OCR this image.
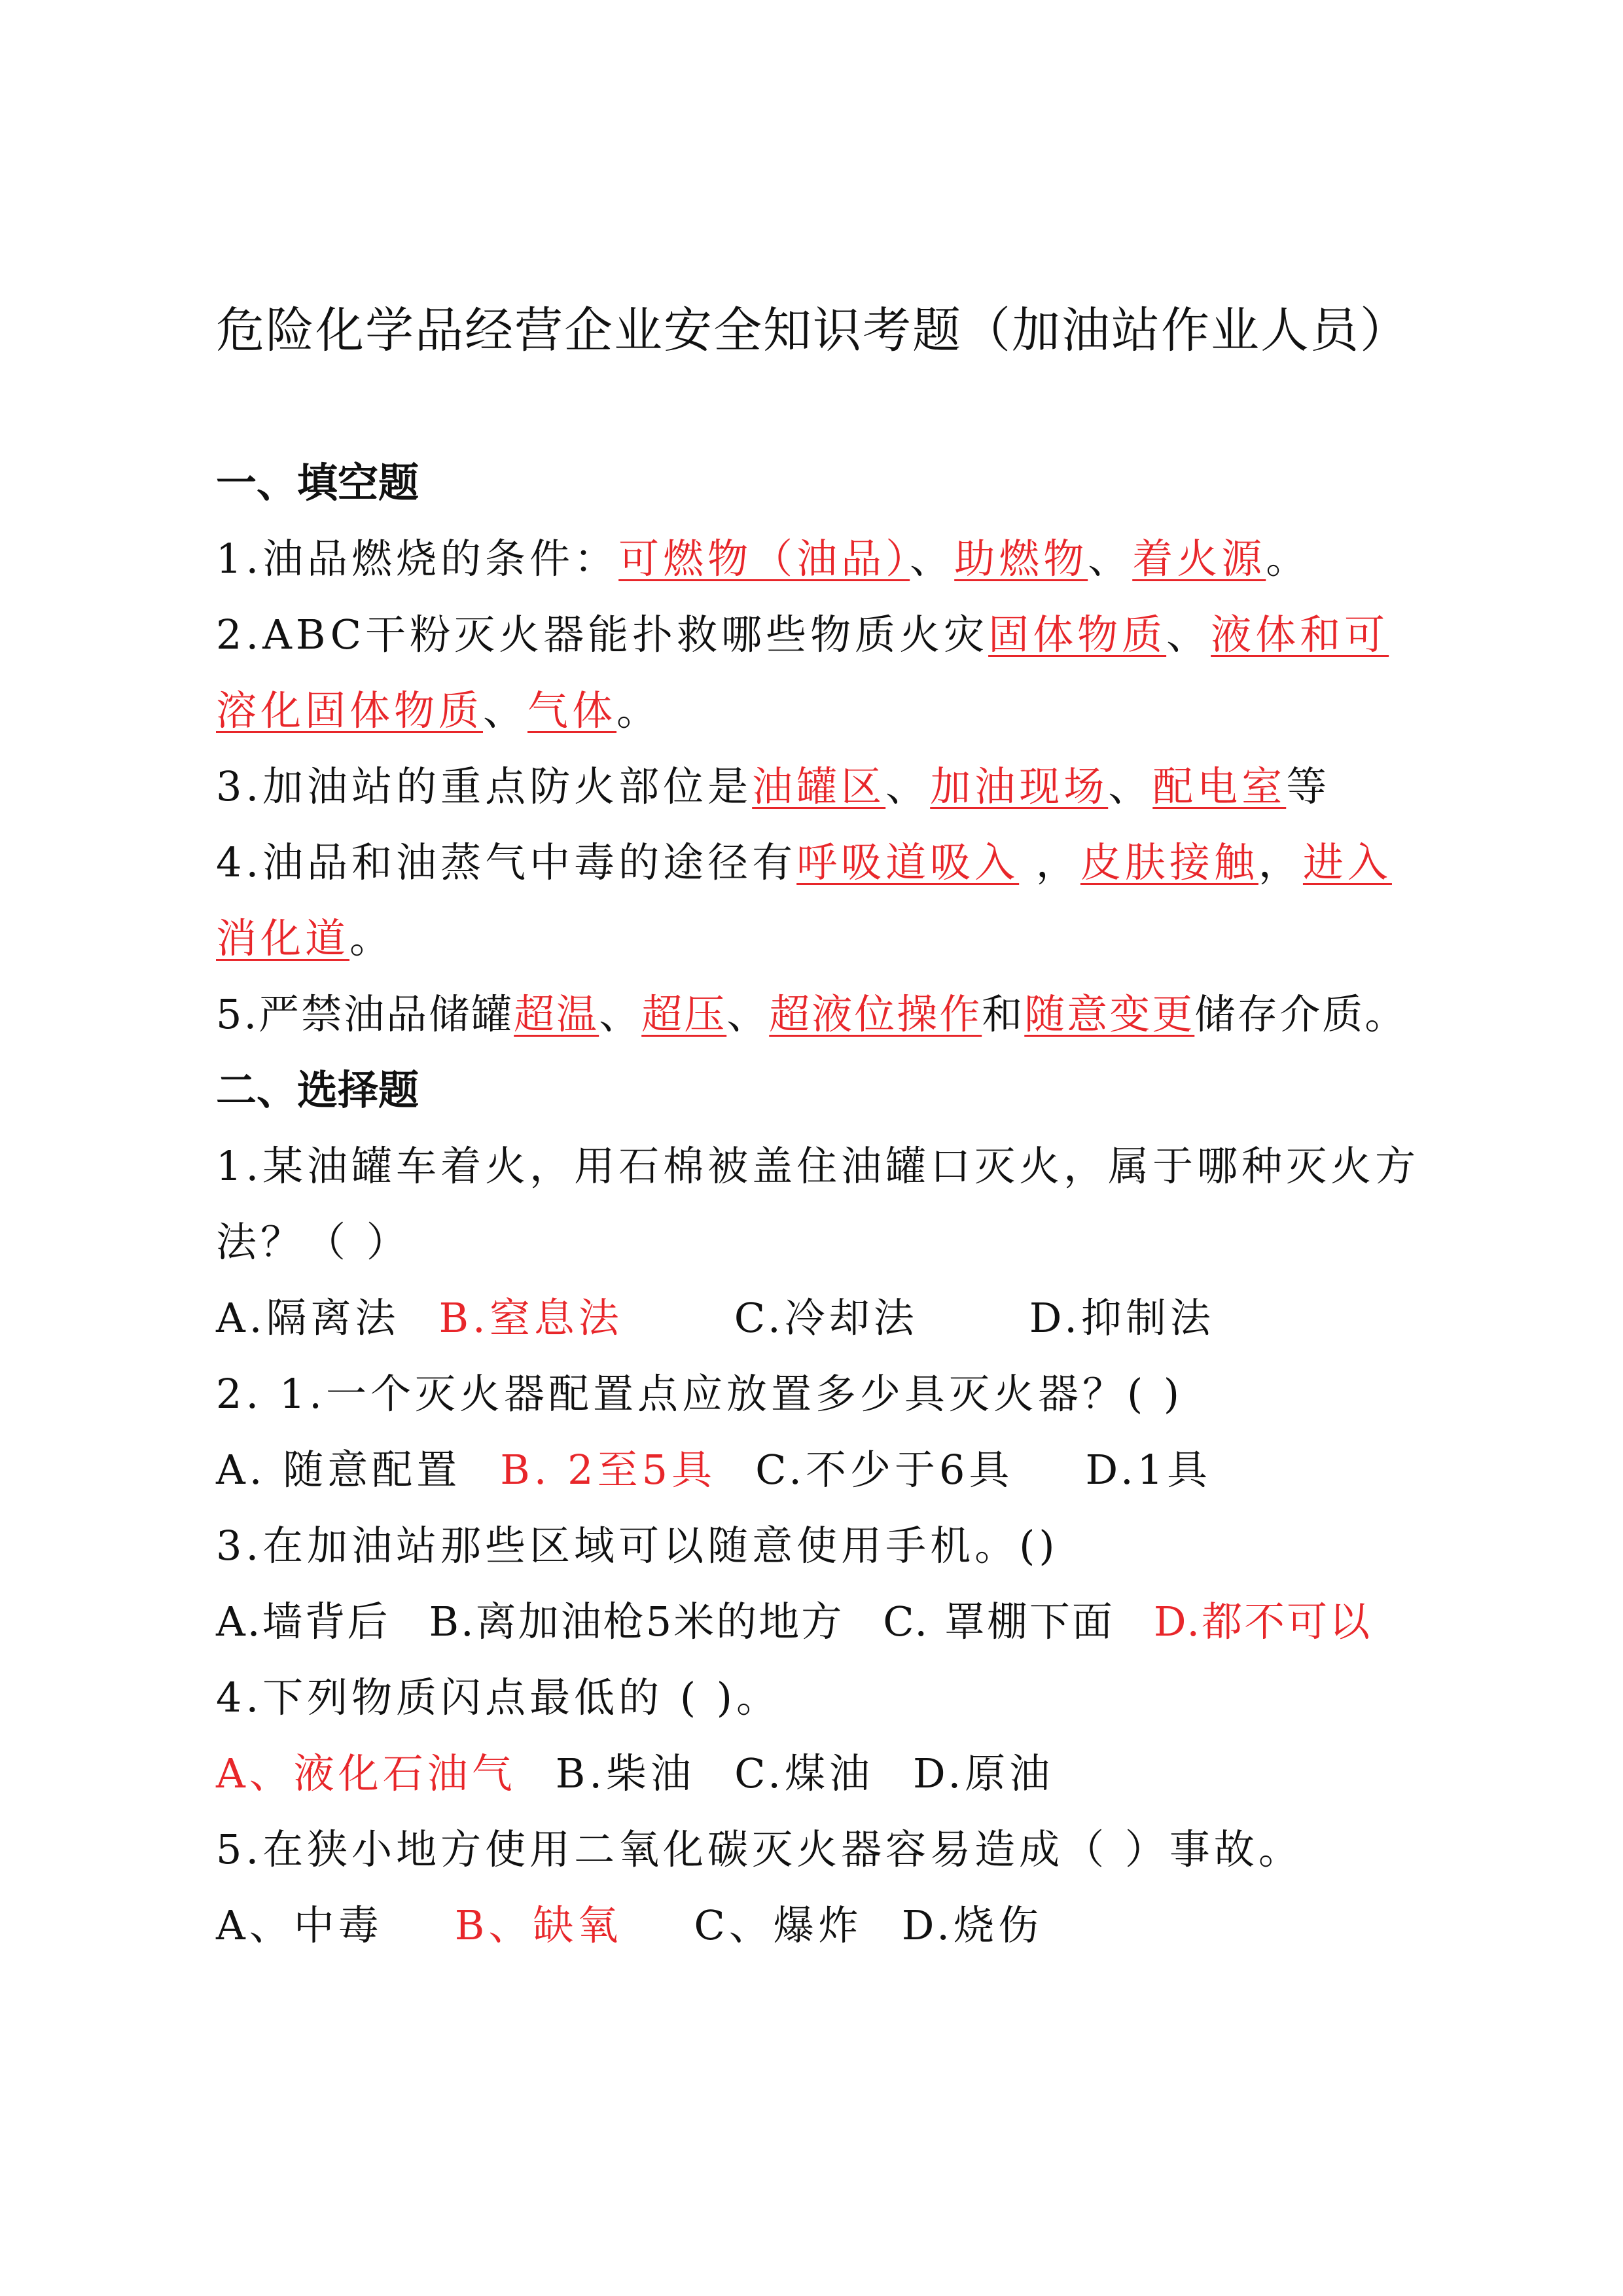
危险化学品经营企业安全知识考题（加油站作业人员）
一、填空题
1.油品燃烧的条件：可燃物（油品）、助燃物、着火源。
2.ABC干粉灭火器能扑救哪些物质火灾固体物质、液体和可溶化固体物质、气体。
3.加油站的重点防火部位是油罐区、加油现场、配电室等
4.油品和油蒸气中毒的途径有呼吸道吸入 ，皮肤接触，进入消化道。
5.严禁油品储罐超温、超压、超液位操作和随意变更储存介质。
二、选择题
1.某油罐车着火，用石棉被盖住油罐口灭火，属于哪种灭火方法？（ ）
A.隔离法 B.窒息法	C.冷却法	D.抑制法
2. 1.一个灭火器配置点应放置多少具灭火器？( )
A. 随意配置 B. 2至5具 C.不少于6具 D.1具
3.在加油站那些区域可以随意使用手机。()
A.墙背后 B.离加油枪5米的地方 C. 罩棚下面 D.都不可以
4.下列物质闪点最低的 ( )。
A、液化石油气 B.柴油 C.煤油 D.原油
5.在狭小地方使用二氧化碳灭火器容易造成（ ）事故。
A、中毒 B、缺氧 C、爆炸 D.烧伤
